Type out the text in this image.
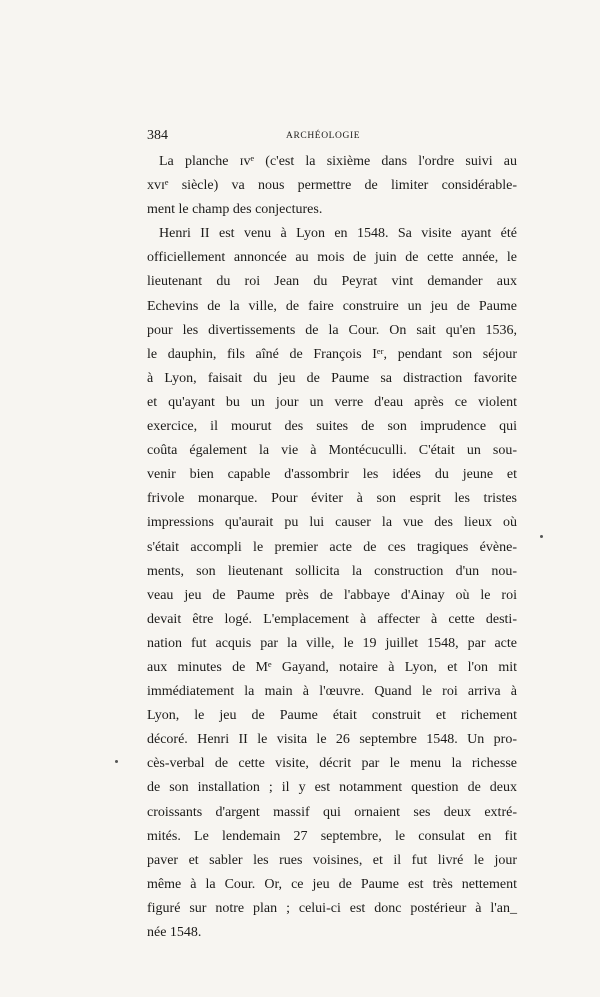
384	ARCHÉOLOGIE
La planche ɪᴠᵉ (c'est la sixième dans l'ordre suivi au
xᴠɪᵉ siècle) va nous permettre de limiter considérable-
ment le champ des conjectures.
Henri II est venu à Lyon en 1548. Sa visite ayant été
officiellement annoncée au mois de juin de cette année, le
lieutenant du roi Jean du Peyrat vint demander aux
Echevins de la ville, de faire construire un jeu de Paume
pour les divertissements de la Cour. On sait qu'en 1536,
le dauphin, fils aîné de François Iᵉʳ, pendant son séjour
à Lyon, faisait du jeu de Paume sa distraction favorite
et qu'ayant bu un jour un verre d'eau après ce violent
exercice, il mourut des suites de son imprudence qui
coûta également la vie à Montécuculli. C'était un sou-
venir bien capable d'assombrir les idées du jeune et
frivole monarque. Pour éviter à son esprit les tristes
impressions qu'aurait pu lui causer la vue des lieux où
s'était accompli le premier acte de ces tragiques évène-
ments, son lieutenant sollicita la construction d'un nou-
veau jeu de Paume près de l'abbaye d'Ainay où le roi
devait être logé. L'emplacement à affecter à cette desti-
nation fut acquis par la ville, le 19 juillet 1548, par acte
aux minutes de Mᵉ Gayand, notaire à Lyon, et l'on mit
immédiatement la main à l'œuvre. Quand le roi arriva à
Lyon, le jeu de Paume était construit et richement
décoré. Henri II le visita le 26 septembre 1548. Un pro-
cès-verbal de cette visite, décrit par le menu la richesse
de son installation ; il y est notamment question de deux
croissants d'argent massif qui ornaient ses deux extré-
mités. Le lendemain 27 septembre, le consulat en fit
paver et sabler les rues voisines, et il fut livré le jour
même à la Cour. Or, ce jeu de Paume est très nettement
figuré sur notre plan ; celui-ci est donc postérieur à l'an_
née 1548.
